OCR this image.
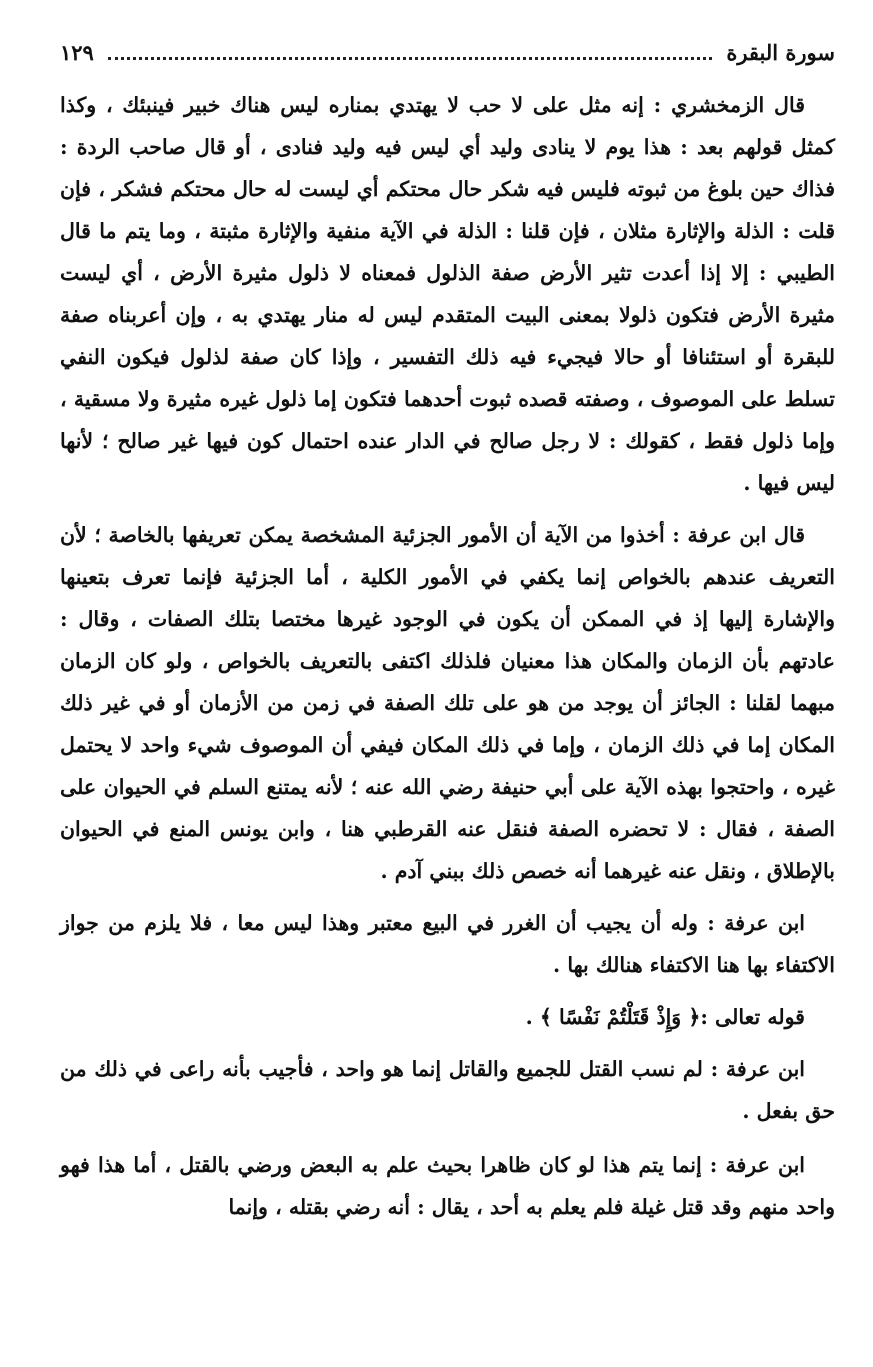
سورة البقرة
١٢٩

قال الزمخشري : إنه مثل على لا حب لا يهتدي بمناره ليس هناك خبير فينبئك ، وكذا كمثل قولهم بعد : هذا يوم لا ينادى وليد أي ليس فيه وليد فنادى ، أو قال صاحب الردة : فذاك حين بلوغ من ثبوته فليس فيه شكر حال محتكم أي ليست له حال محتكم فشكر ، فإن قلت : الذلة والإثارة مثلان ، فإن قلنا : الذلة في الآية منفية والإثارة مثبتة ، وما يتم ما قال الطيبي : إلا إذا أعدت تثير الأرض صفة الذلول فمعناه لا ذلول مثيرة الأرض ، أي ليست مثيرة الأرض فتكون ذلولا بمعنى البيت المتقدم ليس له منار يهتدي به ، وإن أعربناه صفة للبقرة أو استئنافا أو حالا فيجيء فيه ذلك التفسير ، وإذا كان صفة لذلول فيكون النفي تسلط على الموصوف ، وصفته قصده ثبوت أحدهما فتكون إما ذلول غيره مثيرة ولا مسقية ، وإما ذلول فقط ، كقولك : لا رجل صالح في الدار عنده احتمال كون فيها غير صالح ؛ لأنها ليس فيها .

قال ابن عرفة : أخذوا من الآية أن الأمور الجزئية المشخصة يمكن تعريفها بالخاصة ؛ لأن التعريف عندهم بالخواص إنما يكفي في الأمور الكلية ، أما الجزئية فإنما تعرف بتعينها والإشارة إليها إذ في الممكن أن يكون في الوجود غيرها مختصا بتلك الصفات ، وقال : عادتهم بأن الزمان والمكان هذا معنيان فلذلك اكتفى بالتعريف بالخواص ، ولو كان الزمان مبهما لقلنا : الجائز أن يوجد من هو على تلك الصفة في زمن من الأزمان أو في غير ذلك المكان إما في ذلك الزمان ، وإما في ذلك المكان فيفي أن الموصوف شيء واحد لا يحتمل غيره ، واحتجوا بهذه الآية على أبي حنيفة رضي الله عنه ؛ لأنه يمتنع السلم في الحيوان على الصفة ، فقال : لا تحضره الصفة فنقل عنه القرطبي هنا ، وابن يونس المنع في الحيوان بالإطلاق ، ونقل عنه غيرهما أنه خصص ذلك ببني آدم .

ابن عرفة : وله أن يجيب أن الغرر في البيع معتبر وهذا ليس معا ، فلا يلزم من جواز الاكتفاء بها هنا الاكتفاء هنالك بها .

قوله تعالى :﴿ وَإِذْ قَتَلْتُمْ نَفْسًا ﴾ .

ابن عرفة : لم نسب القتل للجميع والقاتل إنما هو واحد ، فأجيب بأنه راعى في ذلك من حق بفعل .

ابن عرفة : إنما يتم هذا لو كان ظاهرا بحيث علم به البعض ورضي بالقتل ، أما هذا فهو واحد منهم وقد قتل غيلة فلم يعلم به أحد ، يقال : أنه رضي بقتله ، وإنما
